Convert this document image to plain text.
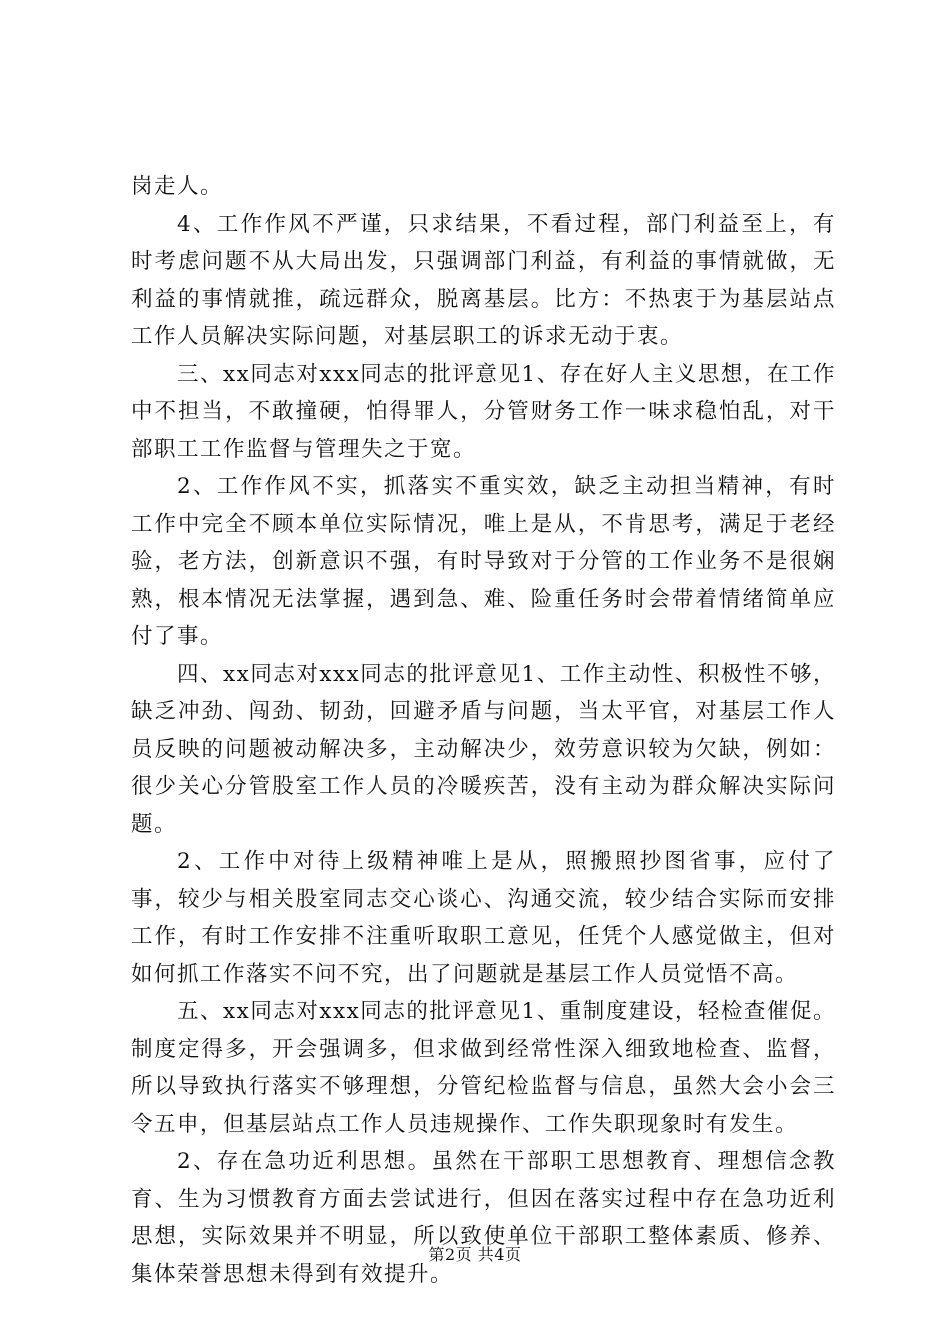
岗走人。

4、工作作风不严谨，只求结果，不看过程，部门利益至上，有时考虑问题不从大局出发，只强调部门利益，有利益的事情就做，无利益的事情就推，疏远群众，脱离基层。比方：不热衷于为基层站点工作人员解决实际问题，对基层职工的诉求无动于衷。

三、xx同志对xxx同志的批评意见1、存在好人主义思想，在工作中不担当，不敢撞硬，怕得罪人，分管财务工作一味求稳怕乱，对干部职工工作监督与管理失之于宽。

2、工作作风不实，抓落实不重实效，缺乏主动担当精神，有时工作中完全不顾本单位实际情况，唯上是从，不肯思考，满足于老经验，老方法，创新意识不强，有时导致对于分管的工作业务不是很娴熟，根本情况无法掌握，遇到急、难、险重任务时会带着情绪简单应付了事。

四、xx同志对xxx同志的批评意见1、工作主动性、积极性不够，缺乏冲劲、闯劲、韧劲，回避矛盾与问题，当太平官，对基层工作人员反映的问题被动解决多，主动解决少，效劳意识较为欠缺，例如：很少关心分管股室工作人员的冷暖疾苦，没有主动为群众解决实际问题。

2、工作中对待上级精神唯上是从，照搬照抄图省事，应付了事，较少与相关股室同志交心谈心、沟通交流，较少结合实际而安排工作，有时工作安排不注重听取职工意见，任凭个人感觉做主，但对如何抓工作落实不问不究，出了问题就是基层工作人员觉悟不高。

五、xx同志对xxx同志的批评意见1、重制度建设，轻检查催促。制度定得多，开会强调多，但求做到经常性深入细致地检查、监督，所以导致执行落实不够理想，分管纪检监督与信息，虽然大会小会三令五申，但基层站点工作人员违规操作、工作失职现象时有发生。

2、存在急功近利思想。虽然在干部职工思想教育、理想信念教育、生为习惯教育方面去尝试进行，但因在落实过程中存在急功近利思想，实际效果并不明显，所以致使单位干部职工整体素质、修养、集体荣誉思想未得到有效提升。

第2页 共4页
